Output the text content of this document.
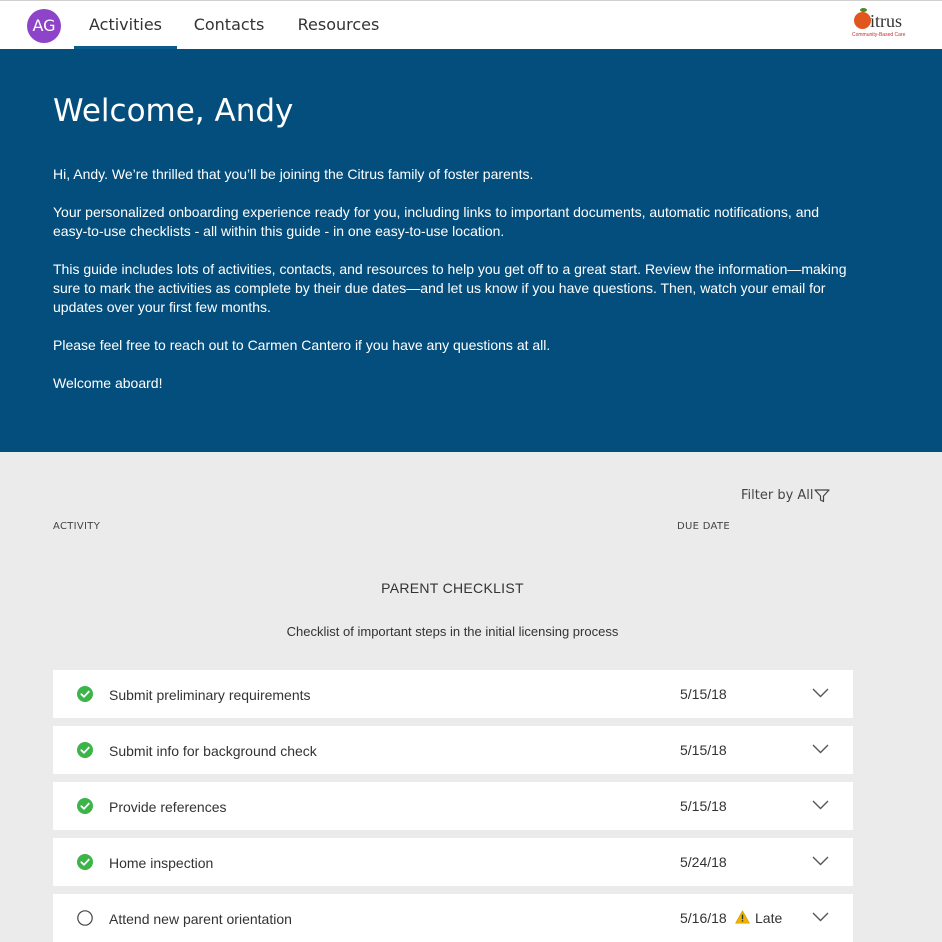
AG	Activities	Contacts	Resources	itrus
Community-Based Care
Welcome, Andy

Hi, Andy. We’re thrilled that you’ll be joining the Citrus family of foster parents.

Your personalized onboarding experience ready for you, including links to important documents, automatic notifications, and easy-to-use checklists - all within this guide - in one easy-to-use location.

This guide includes lots of activities, contacts, and resources to help you get off to a great start. Review the information—making sure to mark the activities as complete by their due dates—and let us know if you have questions. Then, watch your email for updates over your first few months.

Please feel free to reach out to Carmen Cantero if you have any questions at all.

Welcome aboard!

Filter by All
ACTIVITY	DUE DATE
PARENT CHECKLIST
Checklist of important steps in the initial licensing process
Submit preliminary requirements	5/15/18
Submit info for background check	5/15/18
Provide references	5/15/18
Home inspection	5/24/18
Attend new parent orientation	5/16/18 Late
